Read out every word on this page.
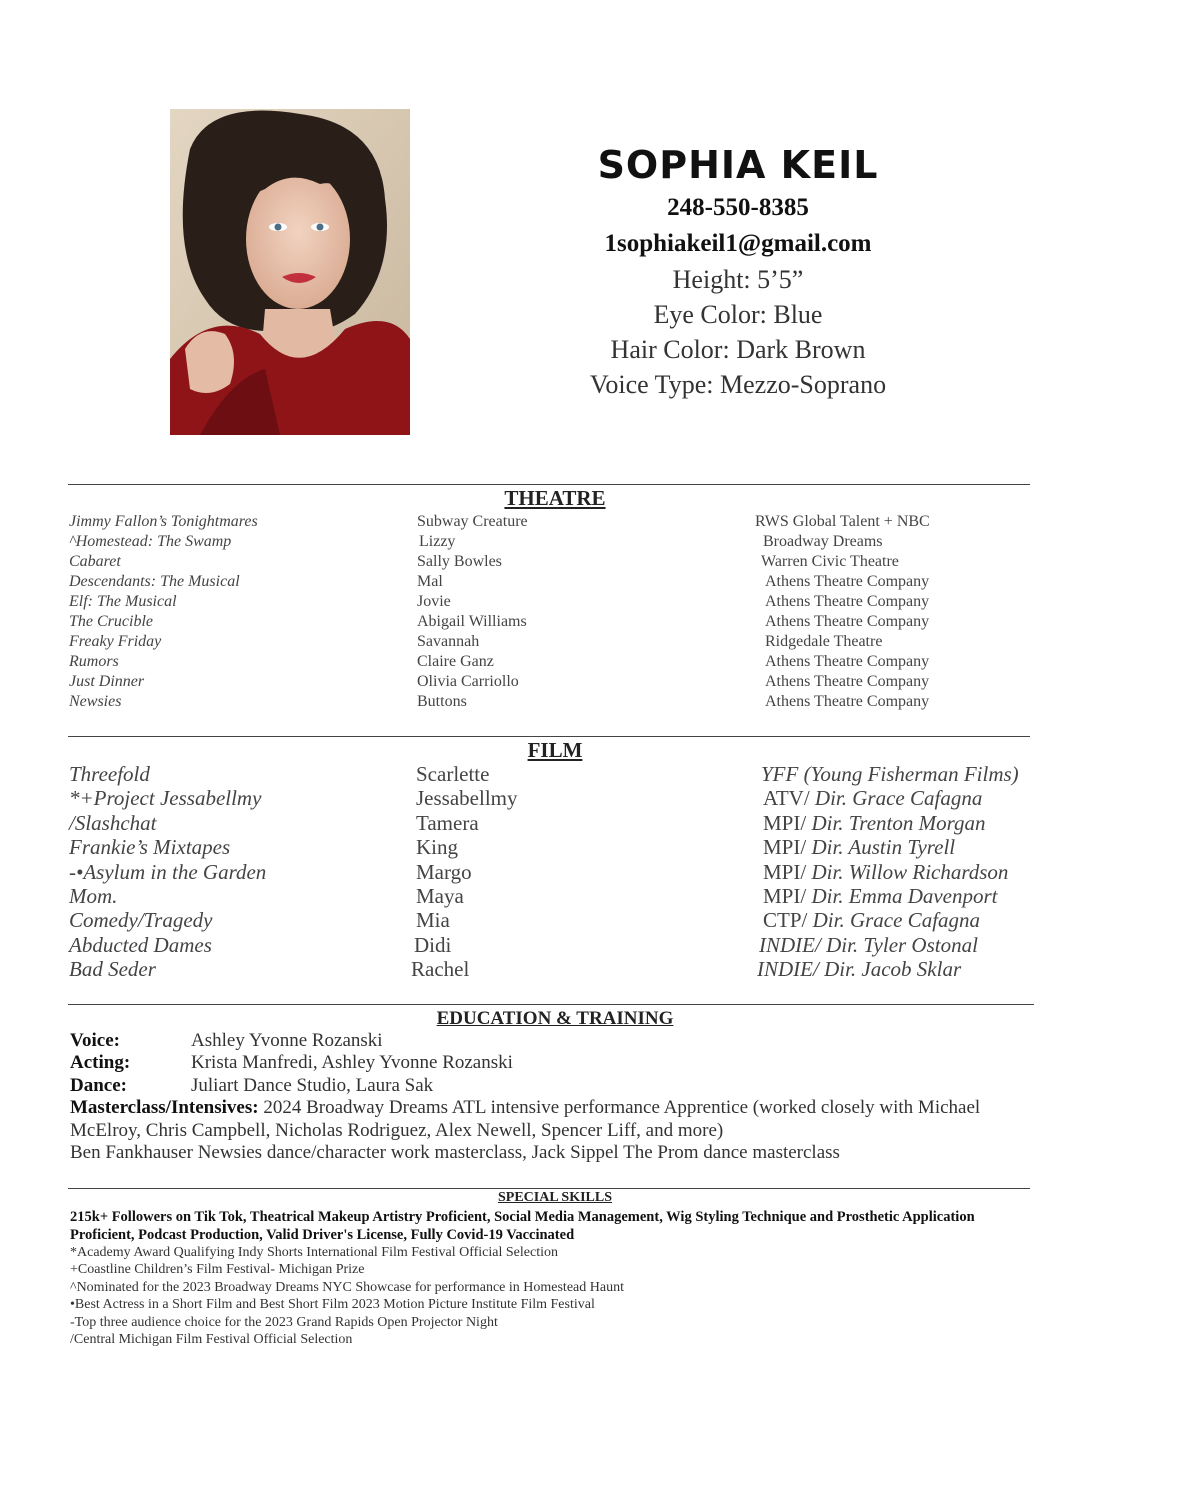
SOPHIA KEIL
248-550-8385
1sophiakeil1@gmail.com
Height: 5’5”
Eye Color: Blue
Hair Color: Dark Brown
Voice Type: Mezzo-Soprano
THEATRE
Jimmy Fallon’s Tonightmares	Subway Creature	RWS Global Talent + NBC
^Homestead: The Swamp	Lizzy	Broadway Dreams
Cabaret	Sally Bowles	Warren Civic Theatre
Descendants: The Musical	Mal	Athens Theatre Company
Elf: The Musical	Jovie	Athens Theatre Company
The Crucible	Abigail Williams	Athens Theatre Company
Freaky Friday	Savannah	Ridgedale Theatre
Rumors	Claire Ganz	Athens Theatre Company
Just Dinner	Olivia Carriollo	Athens Theatre Company
Newsies	Buttons	Athens Theatre Company
FILM
Threefold	Scarlette	YFF (Young Fisherman Films)
*+Project Jessabellmy	Jessabellmy	ATV/ Dir. Grace Cafagna
/Slashchat	Tamera	MPI/ Dir. Trenton Morgan
Frankie’s Mixtapes	King	MPI/ Dir. Austin Tyrell
-•Asylum in the Garden	Margo	MPI/ Dir. Willow Richardson
Mom.	Maya	MPI/ Dir. Emma Davenport
Comedy/Tragedy	Mia	CTP/ Dir. Grace Cafagna
Abducted Dames	Didi	INDIE/ Dir. Tyler Ostonal
Bad Seder	Rachel	INDIE/ Dir. Jacob Sklar
EDUCATION & TRAINING
Voice:	Ashley Yvonne Rozanski
Acting:	Krista Manfredi, Ashley Yvonne Rozanski
Dance:	Juliart Dance Studio, Laura Sak
Masterclass/Intensives: 2024 Broadway Dreams ATL intensive performance Apprentice (worked closely with Michael McElroy, Chris Campbell, Nicholas Rodriguez, Alex Newell, Spencer Liff, and more)
Ben Fankhauser Newsies dance/character work masterclass, Jack Sippel The Prom dance masterclass
SPECIAL SKILLS
215k+ Followers on Tik Tok, Theatrical Makeup Artistry Proficient, Social Media Management, Wig Styling Technique and Prosthetic Application Proficient, Podcast Production, Valid Driver's License, Fully Covid-19 Vaccinated
*Academy Award Qualifying Indy Shorts International Film Festival Official Selection
+Coastline Children’s Film Festival- Michigan Prize
^Nominated for the 2023 Broadway Dreams NYC Showcase for performance in Homestead Haunt
•Best Actress in a Short Film and Best Short Film 2023 Motion Picture Institute Film Festival
-Top three audience choice for the 2023 Grand Rapids Open Projector Night
/Central Michigan Film Festival Official Selection
